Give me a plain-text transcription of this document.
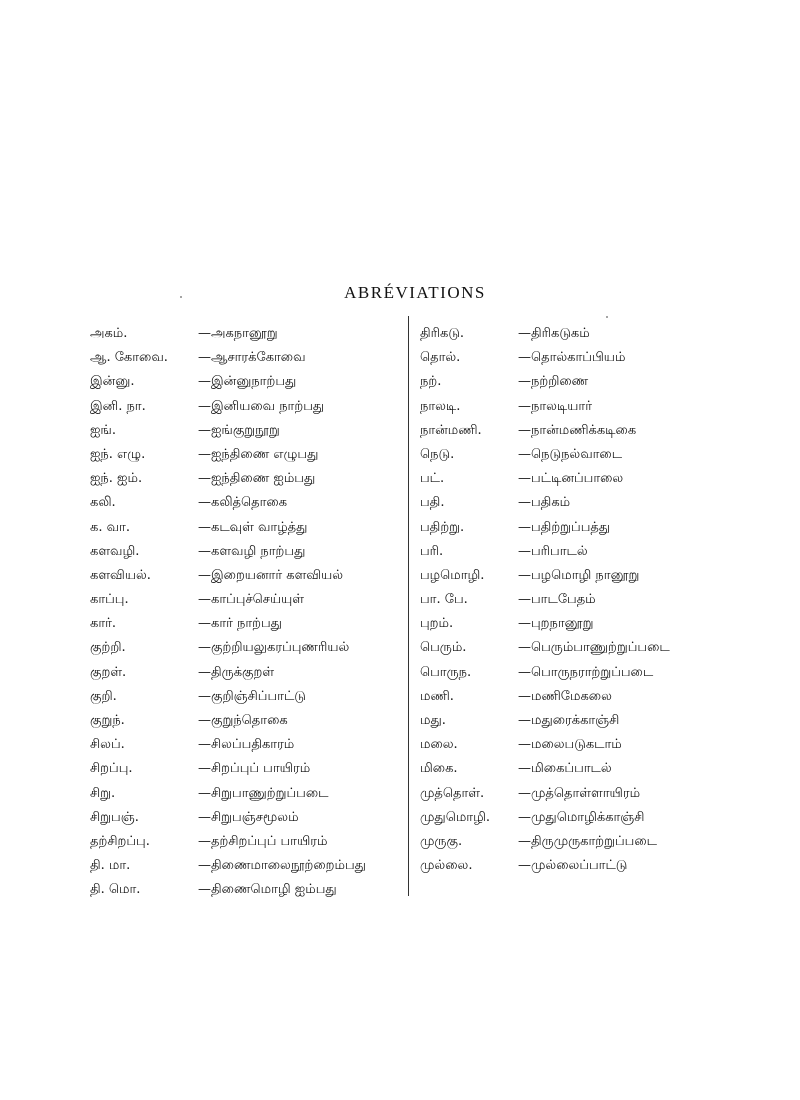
ABRÉVIATIONS
அகம்.	— அகநானூறு
ஆ. கோவை.	— ஆசாரக்கோவை
இன்னு.	— இன்னுநாற்பது
இனி. நா.	— இனியவை நாற்பது
ஐங்.	— ஐங்குறுநூறு
ஐந். எழு.	— ஐந்திணை எழுபது
ஐந். ஐம்.	— ஐந்திணை ஐம்பது
கலி.	— கலித்தொகை
க. வா.	— கடவுள் வாழ்த்து
களவழி.	— களவழி நாற்பது
களவியல்.	— இறையனார் களவியல்
காப்பு.	— காப்புச்செய்யுள்
கார்.	— கார் நாற்பது
குற்றி.	— குற்றியலுகரப்புணரியல்
குறள்.	— திருக்குறள்
குறி.	— குறிஞ்சிப்பாட்டு
குறுந்.	— குறுந்தொகை
சிலப்.	— சிலப்பதிகாரம்
சிறப்பு.	— சிறப்புப் பாயிரம்
சிறு.	— சிறுபாணுற்றுப்படை
சிறுபஞ்.	— சிறுபஞ்சமூலம்
தற்சிறப்பு.	— தற்சிறப்புப் பாயிரம்
தி. மா.	— திணைமாலைநூற்றைம்பது
தி. மொ.	— திணைமொழி ஐம்பது
திரிகடு.	— திரிகடுகம்
தொல்.	— தொல்காப்பியம்
நற்.	— நற்றிணை
நாலடி.	— நாலடியார்
நான்மணி.	— நான்மணிக்கடிகை
நெடு.	— நெடுநல்வாடை
பட்.	— பட்டினப்பாலை
பதி.	— பதிகம்
பதிற்று.	— பதிற்றுப்பத்து
பரி.	— பரிபாடல்
பழமொழி.	— பழமொழி நானூறு
பா. பே.	— பாடபேதம்
புறம்.	— புறநானூறு
பெரும்.	— பெரும்பாணுற்றுப்படை
பொருந.	— பொருநராற்றுப்படை
மணி.	— மணிமேகலை
மது.	— மதுரைக்காஞ்சி
மலை.	— மலைபடுகடாம்
மிகை.	— மிகைப்பாடல்
முத்தொள்.	— முத்தொள்ளாயிரம்
முதுமொழி.	— முதுமொழிக்காஞ்சி
முருகு.	— திருமுருகாற்றுப்படை
முல்லை.	— முல்லைப்பாட்டு
